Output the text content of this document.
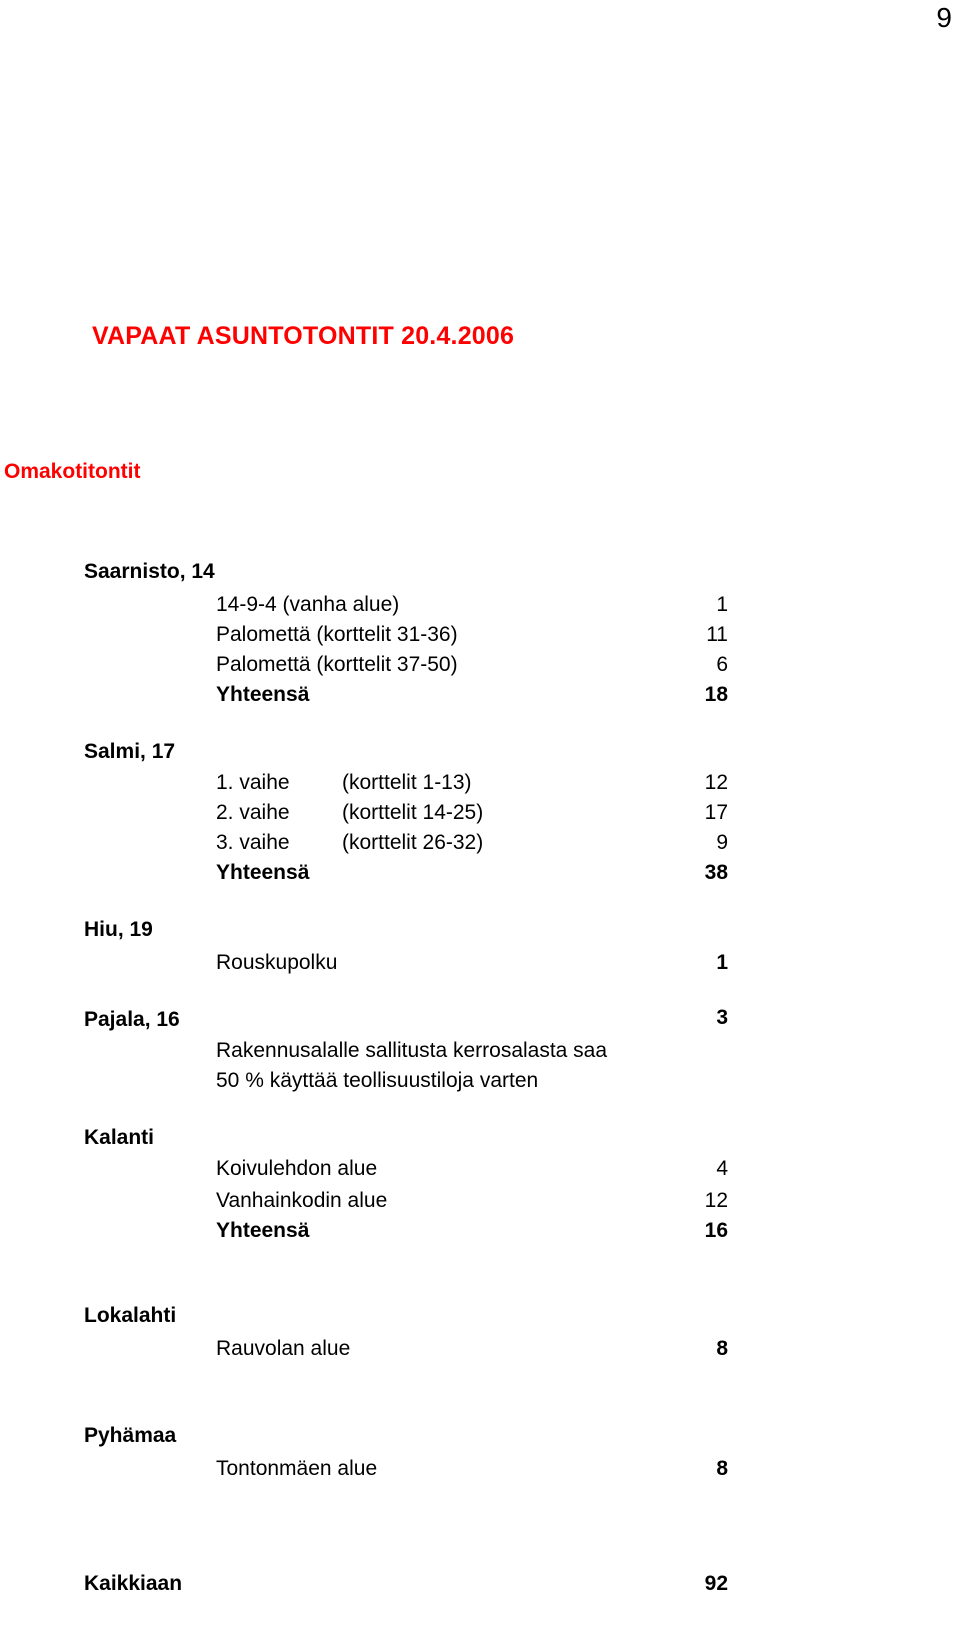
9
VAPAAT ASUNTOTONTIT 20.4.2006
Omakotitontit
Saarnisto, 14
14-9-4 (vanha alue)	1
Palomettä (korttelit 31-36)	11
Palomettä (korttelit 37-50)	6
Yhteensä	18
Salmi, 17
1. vaihe (korttelit 1-13)	12
2. vaihe (korttelit 14-25)	17
3. vaihe (korttelit 26-32)	9
Yhteensä	38
Hiu, 19
Rouskupolku	1
Pajala, 16	3
Rakennusalalle sallitusta kerrosalasta saa
50 % käyttää teollisuustiloja varten
Kalanti
Koivulehdon alue	4
Vanhainkodin alue	12
Yhteensä	16
Lokalahti
Rauvolan alue	8
Pyhämaa
Tontonmäen alue	8
Kaikkiaan	92
